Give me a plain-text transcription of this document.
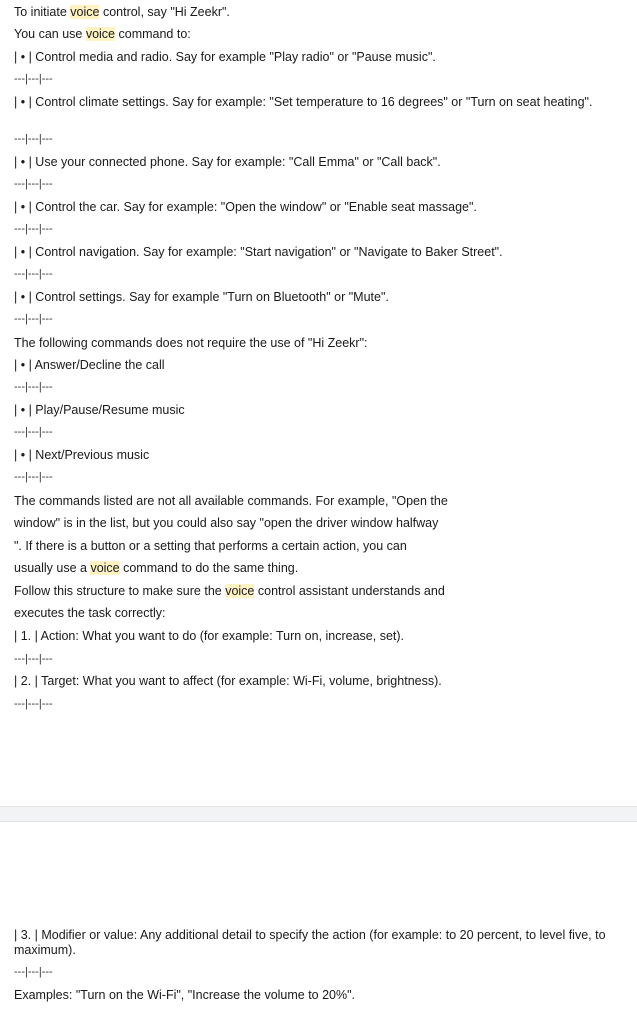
To initiate voice control, say "Hi Zeekr".
You can use voice command to:
| • | Control media and radio. Say for example "Play radio" or "Pause music".
---|---|---
| • | Control climate settings. Say for example: "Set temperature to 16 degrees" or "Turn on seat heating".
---|---|---
| • | Use your connected phone. Say for example: "Call Emma" or "Call back".
---|---|---
| • | Control the car. Say for example: "Open the window" or "Enable seat massage".
---|---|---
| • | Control navigation. Say for example: "Start navigation" or "Navigate to Baker Street".
---|---|---
| • | Control settings. Say for example "Turn on Bluetooth" or "Mute".
---|---|---
The following commands does not require the use of "Hi Zeekr":
| • | Answer/Decline the call
---|---|---
| • | Play/Pause/Resume music
---|---|---
| • | Next/Previous music
---|---|---
The commands listed are not all available commands. For example, "Open the
window" is in the list, but you could also say "open the driver window halfway
". If there is a button or a setting that performs a certain action, you can
usually use a voice command to do the same thing.
Follow this structure to make sure the voice control assistant understands and
executes the task correctly:
| 1. | Action: What you want to do (for example: Turn on, increase, set).
---|---|---
| 2. | Target: What you want to affect (for example: Wi-Fi, volume, brightness).
---|---|---
| 3. | Modifier or value: Any additional detail to specify the action (for example: to 20 percent, to level five, to maximum).
---|---|---
Examples: "Turn on the Wi-Fi", "Increase the volume to 20%".
